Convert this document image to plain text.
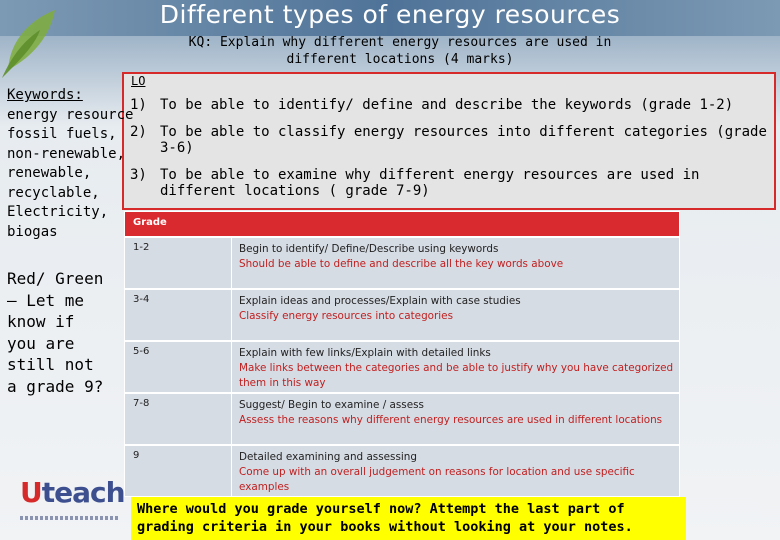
Different types of energy resources
KQ: Explain why different energy resources are used in different locations (4 marks)
LO
1) To be able to identify/ define and describe the keywords (grade 1-2)
2) To be able to classify energy resources into different categories (grade 3-6)
3) To be able to examine why different energy resources are used in different locations ( grade 7-9)
Keywords:
energy resource
fossil fuels,
non-renewable,
renewable,
recyclable,
Electricity,
biogas
Red/ Green – Let me know if you are still not a grade 9?
Grade
1-2	Begin to identify/ Define/Describe using keywords
Should be able to define and describe all the key words above
3-4	Explain ideas and processes/Explain with case studies
Classify energy resources into categories
5-6	Explain with few links/Explain with detailed links
Make links between the categories and be able to justify why you have categorized them in this way
7-8	Suggest/ Begin to examine / assess
Assess the reasons why different energy resources are used in different locations
9	Detailed examining and assessing
Come up with an overall judgement on reasons for location and use specific examples
Where would you grade yourself now? Attempt the last part of grading criteria in your books without looking at your notes.
Uteach
